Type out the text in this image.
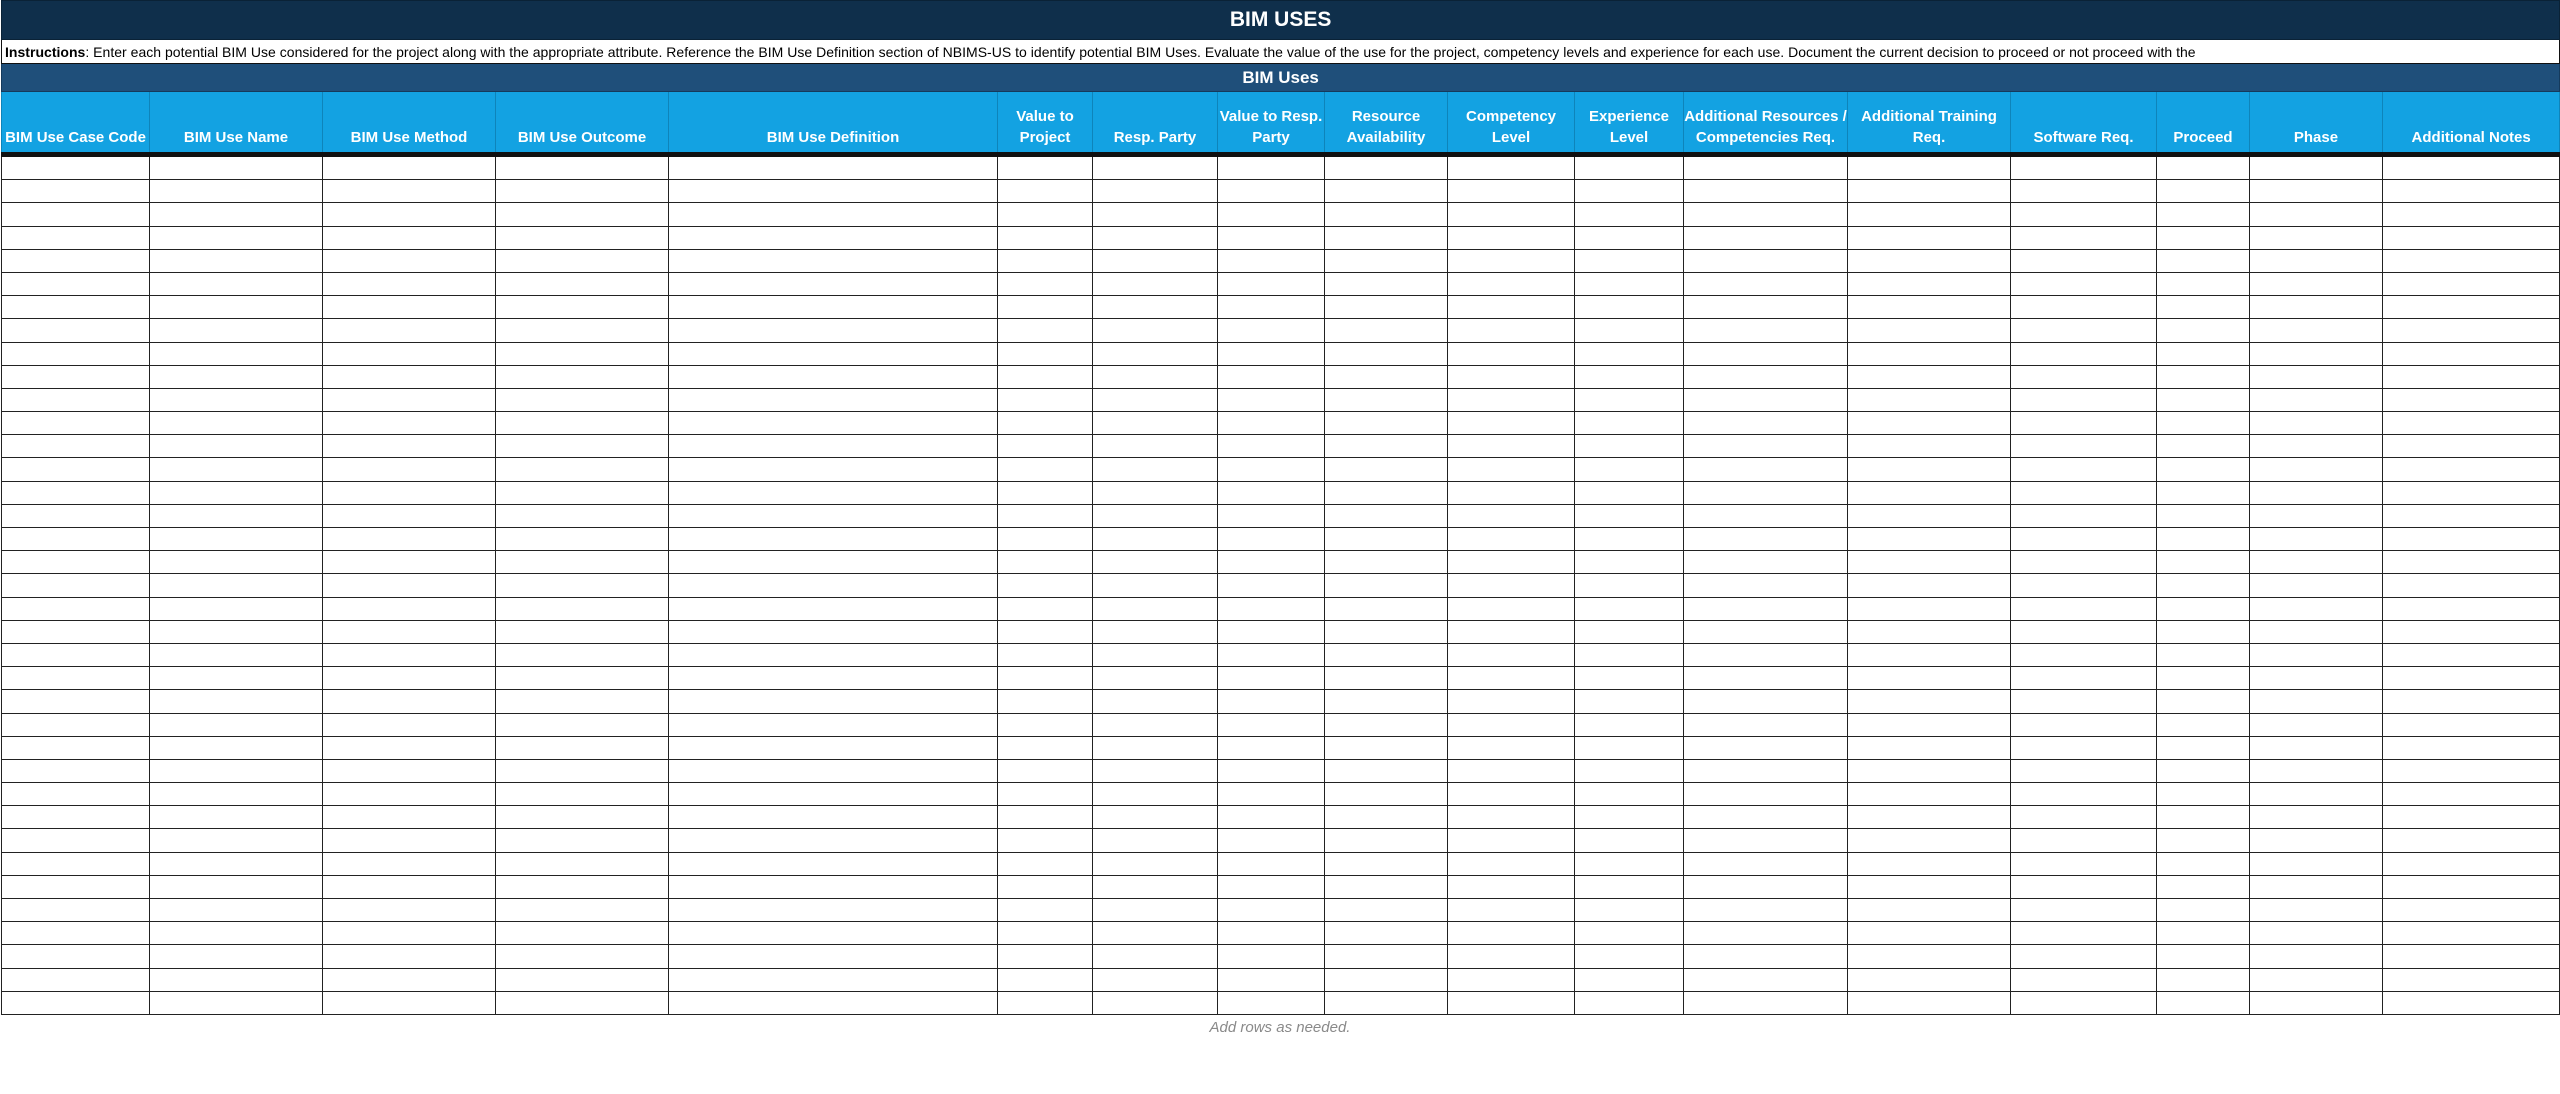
BIM USES																
Instructions: Enter each potential BIM Use considered for the project along with the appropriate attribute. Reference the BIM Use Definition section of NBIMS-US to identify potential BIM Uses. Evaluate the value of the use for the project, competency levels and experience for each use. Document the current decision to proceed or not proceed with the																
BIM Uses																

BIM Use Case Code	BIM Use Name	BIM Use Method	BIM Use Outcome	BIM Use Definition	Value to Project	Resp. Party	Value to Resp. Party	Resource Availability	Competency Level	Experience Level	Additional Resources / Competencies Req.	Additional Training Req.	Software Req.	Proceed	Phase	Additional Notes

Add rows as needed.
